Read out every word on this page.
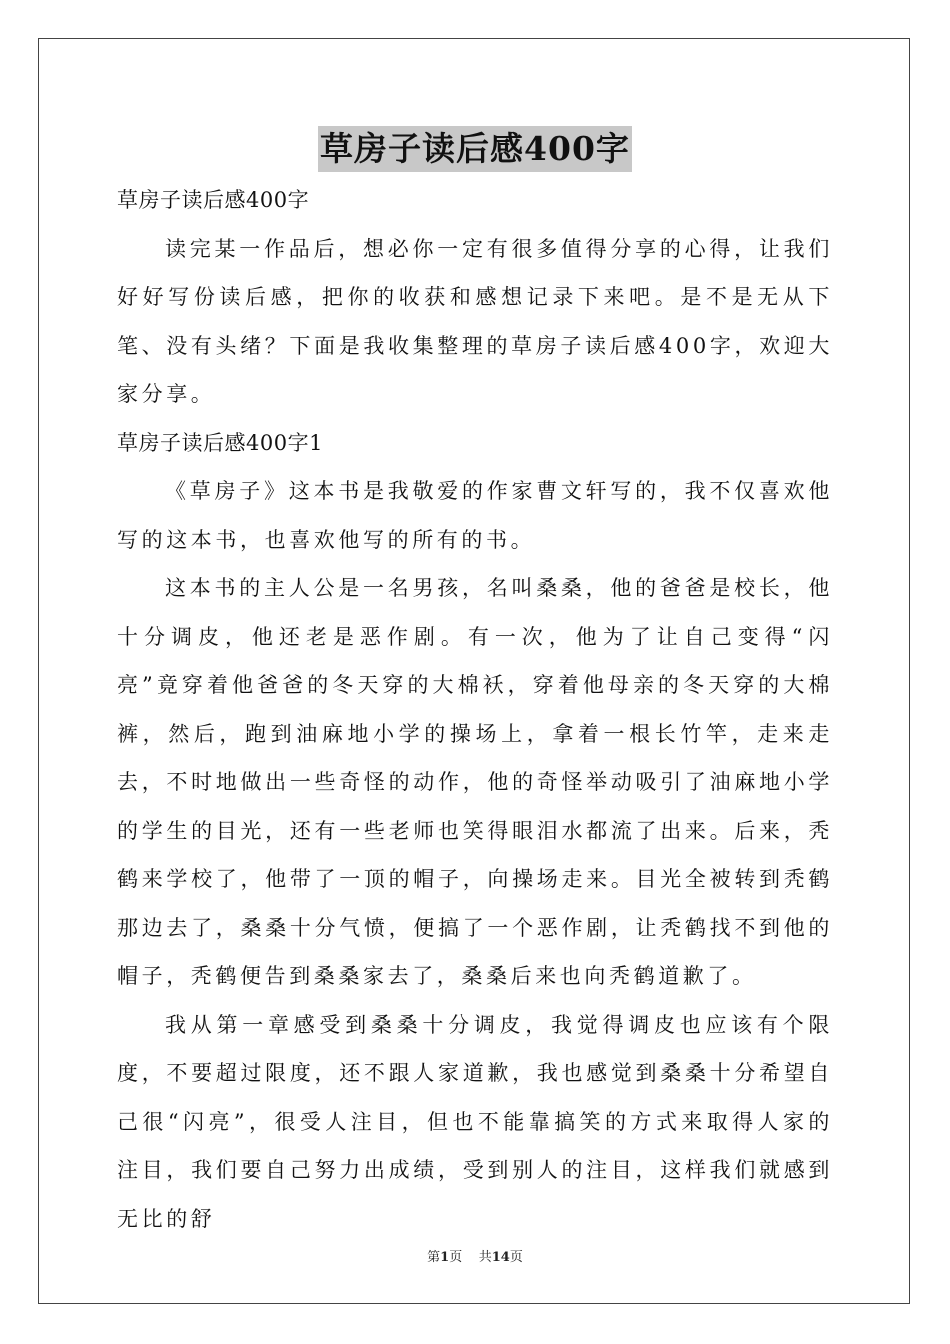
草房子读后感400字

草房子读后感400字

读完某一作品后，想必你一定有很多值得分享的心得，让我们好好写份读后感，把你的收获和感想记录下来吧。是不是无从下笔、没有头绪？下面是我收集整理的草房子读后感400字，欢迎大家分享。

草房子读后感400字1

《草房子》这本书是我敬爱的作家曹文轩写的，我不仅喜欢他写的这本书，也喜欢他写的所有的书。

这本书的主人公是一名男孩，名叫桑桑，他的爸爸是校长，他十分调皮，他还老是恶作剧。有一次，他为了让自己变得“闪亮”竟穿着他爸爸的冬天穿的大棉袄，穿着他母亲的冬天穿的大棉裤，然后，跑到油麻地小学的操场上，拿着一根长竹竿，走来走去，不时地做出一些奇怪的动作，他的奇怪举动吸引了油麻地小学的学生的目光，还有一些老师也笑得眼泪水都流了出来。后来，秃鹤来学校了，他带了一顶的帽子，向操场走来。目光全被转到秃鹤那边去了，桑桑十分气愤，便搞了一个恶作剧，让秃鹤找不到他的帽子，秃鹤便告到桑桑家去了，桑桑后来也向秃鹤道歉了。

我从第一章感受到桑桑十分调皮，我觉得调皮也应该有个限度，不要超过限度，还不跟人家道歉，我也感觉到桑桑十分希望自己很“闪亮”，很受人注目，但也不能靠搞笑的方式来取得人家的注目，我们要自己努力出成绩，受到别人的注目，这样我们就感到无比的舒

第1页 共14页
